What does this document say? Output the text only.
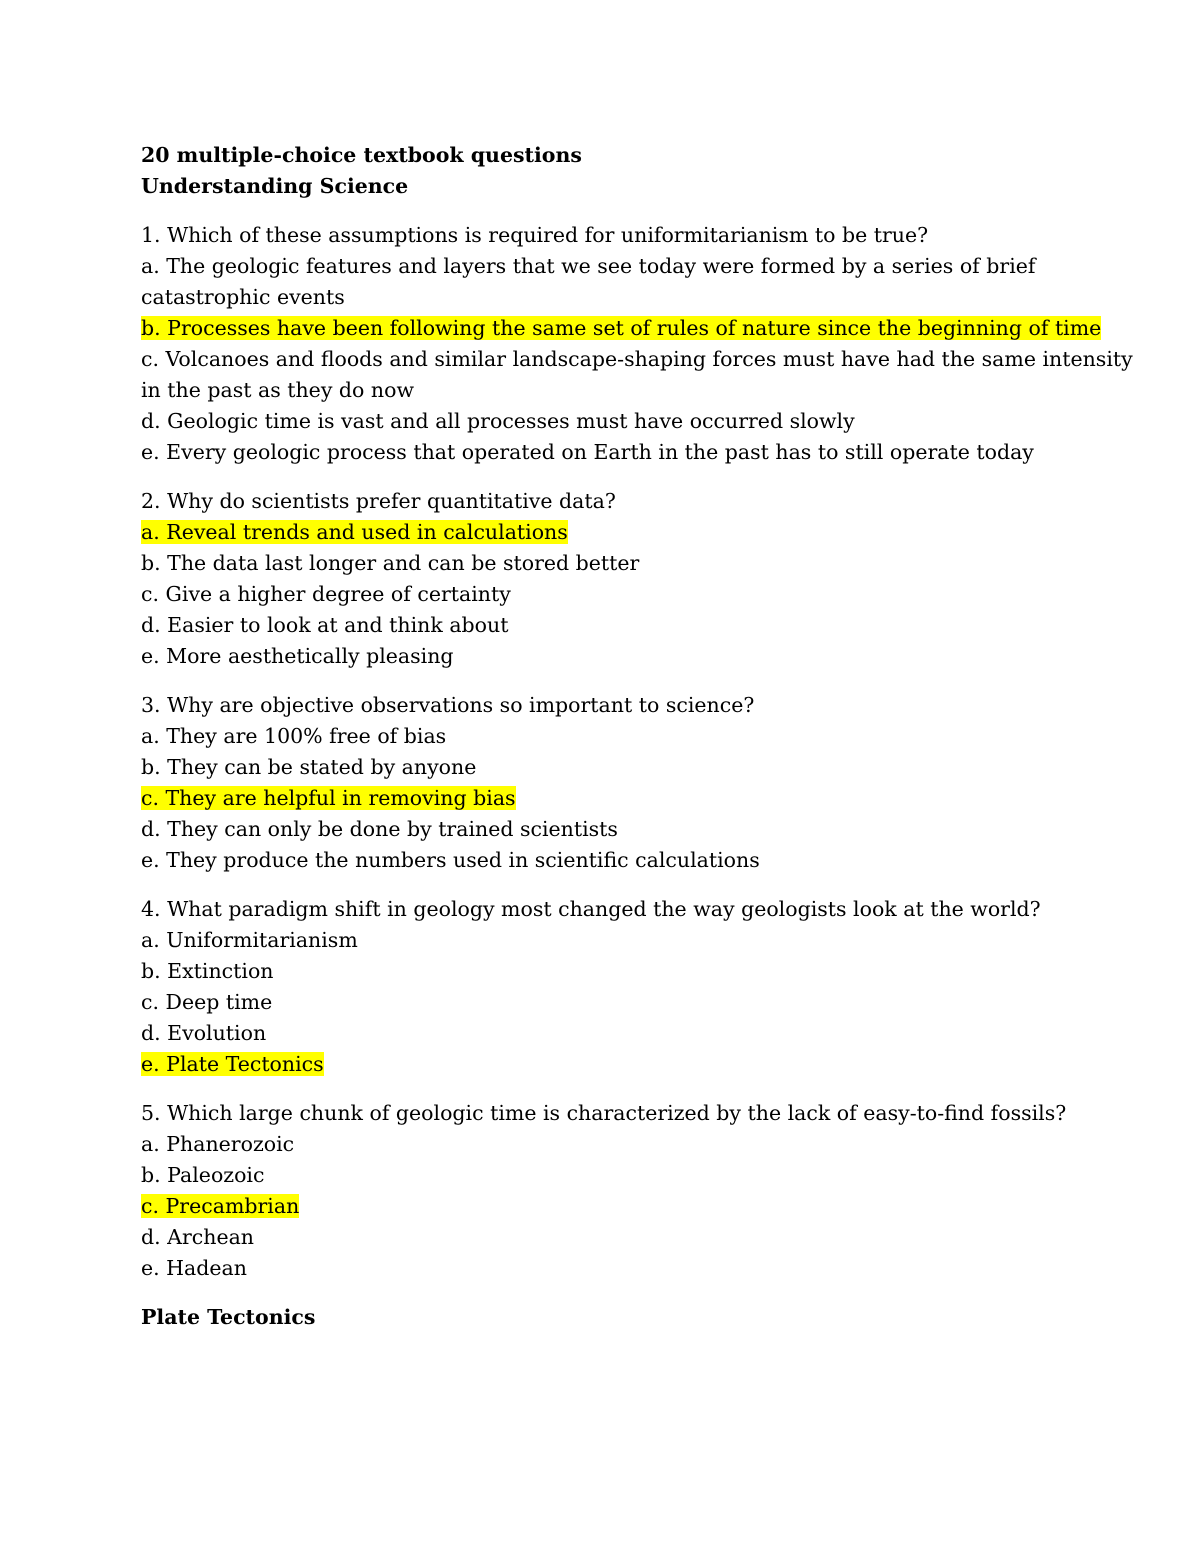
20 multiple-choice textbook questions
Understanding Science
1. Which of these assumptions is required for uniformitarianism to be true?
a. The geologic features and layers that we see today were formed by a series of brief
catastrophic events
b. Processes have been following the same set of rules of nature since the beginning of time
c. Volcanoes and floods and similar landscape-shaping forces must have had the same intensity
in the past as they do now
d. Geologic time is vast and all processes must have occurred slowly
e. Every geologic process that operated on Earth in the past has to still operate today
2. Why do scientists prefer quantitative data?
a. Reveal trends and used in calculations
b. The data last longer and can be stored better
c. Give a higher degree of certainty
d. Easier to look at and think about
e. More aesthetically pleasing
3. Why are objective observations so important to science?
a. They are 100% free of bias
b. They can be stated by anyone
c. They are helpful in removing bias
d. They can only be done by trained scientists
e. They produce the numbers used in scientific calculations
4. What paradigm shift in geology most changed the way geologists look at the world?
a. Uniformitarianism
b. Extinction
c. Deep time
d. Evolution
e. Plate Tectonics
5. Which large chunk of geologic time is characterized by the lack of easy-to-find fossils?
a. Phanerozoic
b. Paleozoic
c. Precambrian
d. Archean
e. Hadean
Plate Tectonics
